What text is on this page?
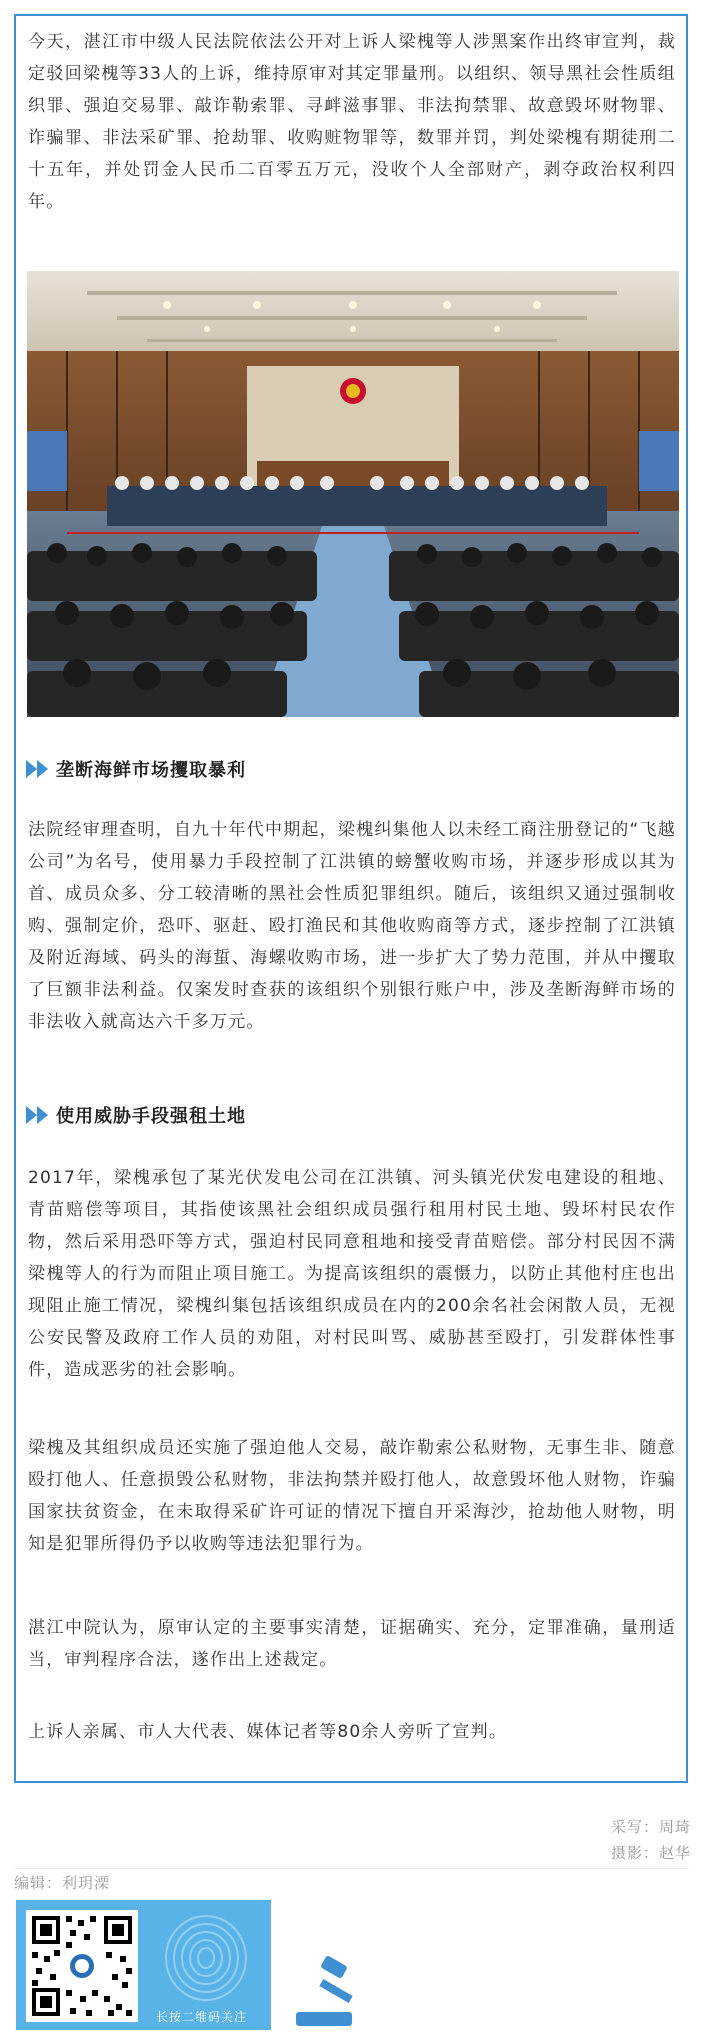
今天，湛江市中级人民法院依法公开对上诉人梁槐等人涉黑案作出终审宣判，裁定驳回梁槐等33人的上诉，维持原审对其定罪量刑。以组织、领导黑社会性质组织罪、强迫交易罪、敲诈勒索罪、寻衅滋事罪、非法拘禁罪、故意毁坏财物罪、诈骗罪、非法采矿罪、抢劫罪、收购赃物罪等，数罪并罚，判处梁槐有期徒刑二十五年，并处罚金人民币二百零五万元，没收个人全部财产，剥夺政治权利四年。

垄断海鲜市场攫取暴利

法院经审理查明，自九十年代中期起，梁槐纠集他人以未经工商注册登记的“飞越公司”为名号，使用暴力手段控制了江洪镇的螃蟹收购市场，并逐步形成以其为首、成员众多、分工较清晰的黑社会性质犯罪组织。随后，该组织又通过强制收购、强制定价，恐吓、驱赶、殴打渔民和其他收购商等方式，逐步控制了江洪镇及附近海域、码头的海蜇、海螺收购市场，进一步扩大了势力范围，并从中攫取了巨额非法利益。仅案发时查获的该组织个别银行账户中，涉及垄断海鲜市场的非法收入就高达六千多万元。

使用威胁手段强租土地

2017年，梁槐承包了某光伏发电公司在江洪镇、河头镇光伏发电建设的租地、青苗赔偿等项目，其指使该黑社会组织成员强行租用村民土地、毁坏村民农作物，然后采用恐吓等方式，强迫村民同意租地和接受青苗赔偿。部分村民因不满梁槐等人的行为而阻止项目施工。为提高该组织的震慑力，以防止其他村庄也出现阻止施工情况，梁槐纠集包括该组织成员在内的200余名社会闲散人员，无视公安民警及政府工作人员的劝阻，对村民叫骂、威胁甚至殴打，引发群体性事件，造成恶劣的社会影响。

梁槐及其组织成员还实施了强迫他人交易，敲诈勒索公私财物，无事生非、随意殴打他人、任意损毁公私财物，非法拘禁并殴打他人，故意毁坏他人财物，诈骗国家扶贫资金，在未取得采矿许可证的情况下擅自开采海沙，抢劫他人财物，明知是犯罪所得仍予以收购等违法犯罪行为。

湛江中院认为，原审认定的主要事实清楚，证据确实、充分，定罪准确，量刑适当，审判程序合法，遂作出上述裁定。

上诉人亲属、市人大代表、媒体记者等80余人旁听了宣判。

采写：周琦
摄影：赵华
编辑：利玥溧
长按二维码关注
